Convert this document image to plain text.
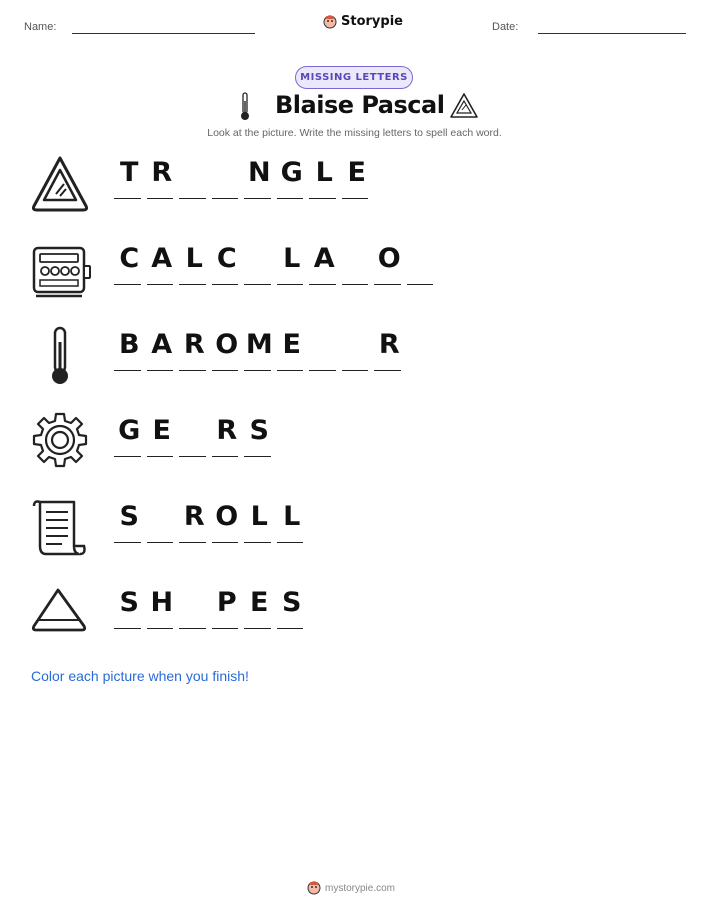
Name:	Storypie	Date:
MISSING LETTERS
Blaise Pascal
Look at the picture. Write the missing letters to spell each word.
T R	N G L E
C A L C L A O
B A R O M E	R
G E R S
S R O L L
S H P E S
Color each picture when you finish!
mystorypie.com
